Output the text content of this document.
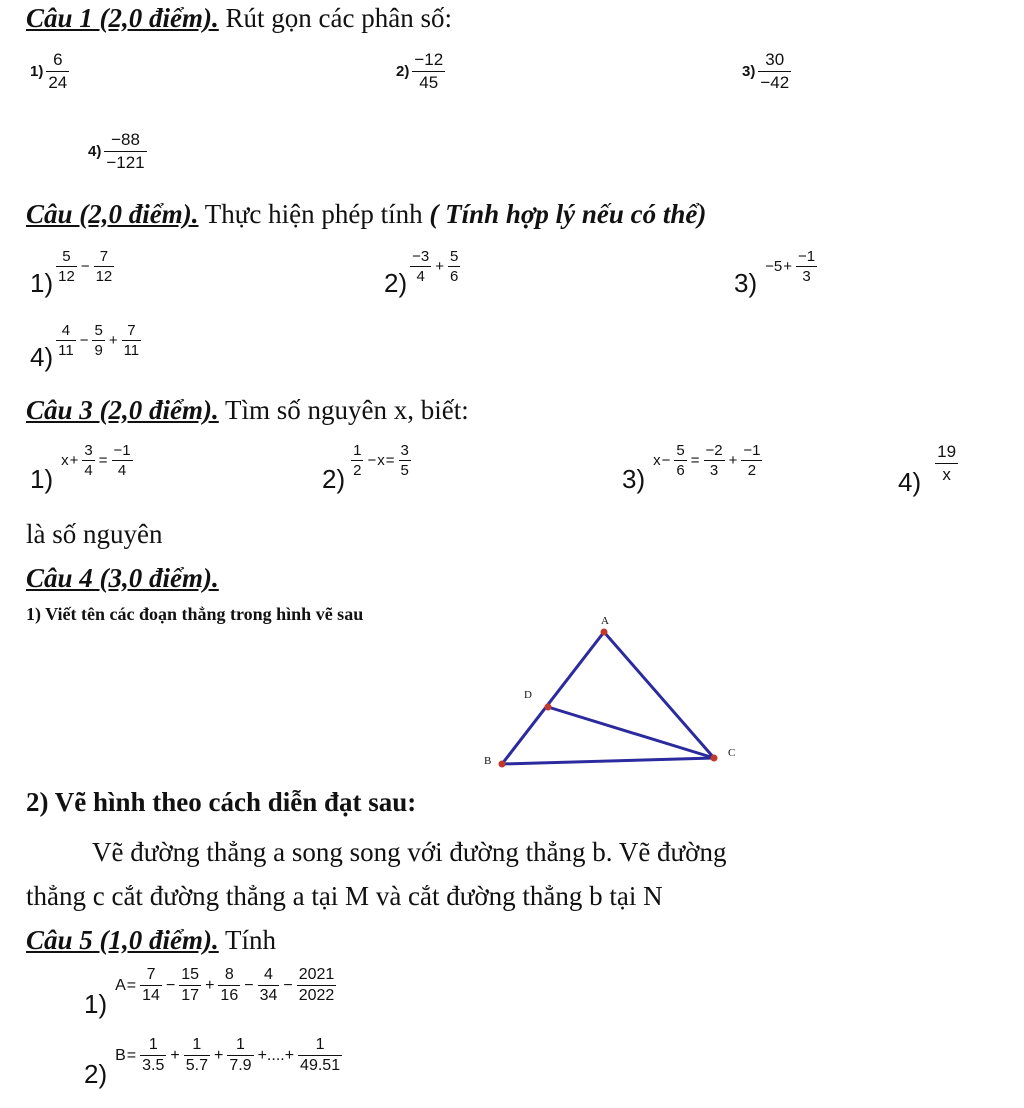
Câu 1 (2,0 điểm). Rút gọn các phân số:
$1) \frac{6}{24}$	$2) \frac{-12}{45}$	$3) \frac{30}{-42}$
$4) \frac{-88}{-121}$
Câu (2,0 điểm). Thực hiện phép tính ( Tính hợp lý nếu có thể)
$1) \frac{5}{12} - \frac{7}{12}$	$2) \frac{-3}{4} + \frac{5}{6}$	3)
$-5 + \frac{-1}{3}$
$4) \frac{4}{11} - \frac{5}{9} + \frac{7}{11}$
Câu 3 (2,0 điểm). Tìm số nguyên x, biết:
1)
$x + \frac{3}{4} = \frac{-1}{4}$	$2) \frac{1}{2} - x = \frac{3}{5}$	3)
$x - \frac{5}{6} = \frac{-2}{3} + \frac{-1}{2}$
$4) \frac{19}{x}$
là số nguyên
Câu 4 (3,0 điểm).
1) Viết tên các đoạn thẳng trong hình vẽ sau	A
D
B
C
2) Vẽ hình theo cách diễn đạt sau:
Vẽ đường thẳng a song song với đường thẳng b. Vẽ đường
thẳng c cắt đường thẳng a tại M và cắt đường thẳng b tại N
Câu 5 (1,0 điểm). Tính
1)
$A = \frac{7}{14} - \frac{15}{17} + \frac{8}{16} - \frac{4}{34} - \frac{2021}{2022}$
2)
$B = \frac{1}{3.5} + \frac{1}{5.7} + \frac{1}{7.9}$ +....+ $\frac{1}{49.51}$
